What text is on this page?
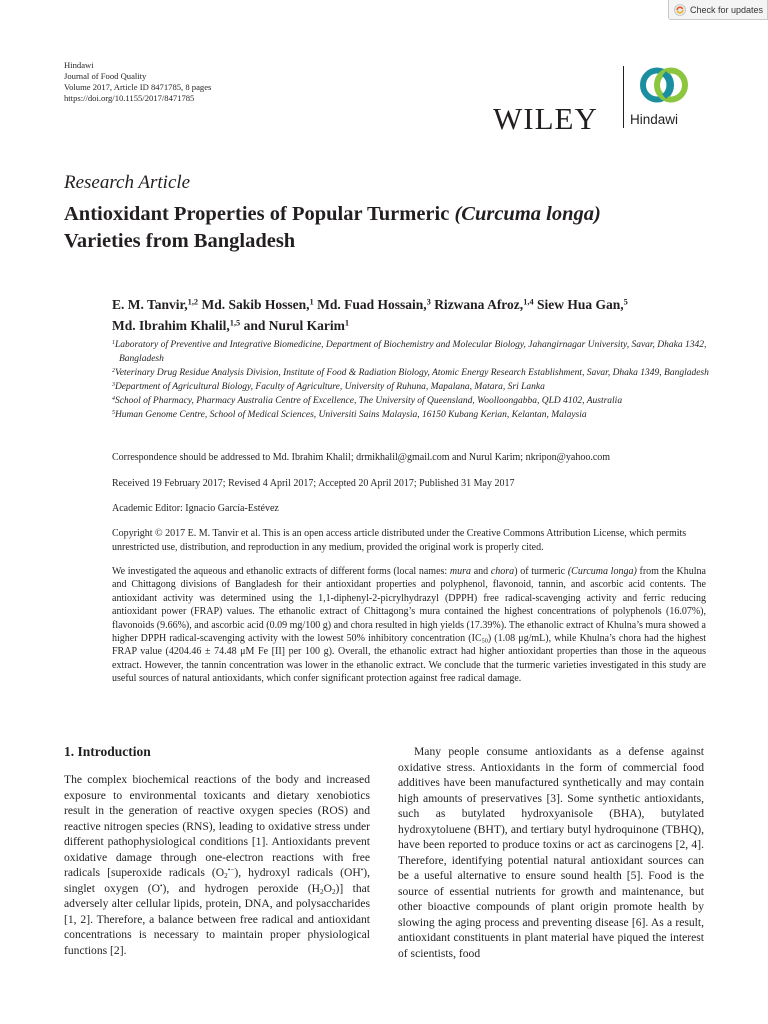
Check for updates
Hindawi
Journal of Food Quality
Volume 2017, Article ID 8471785, 8 pages
https://doi.org/10.1155/2017/8471785
WILEY Hindawi
Research Article
Antioxidant Properties of Popular Turmeric (Curcuma longa)
Varieties from Bangladesh
E. M. Tanvir,$^{1,2}$ Md. Sakib Hossen,$^1$ Md. Fuad Hossain,$^3$ Rizwana Afroz,$^{1,4}$ Siew Hua Gan,$^5$
Md. Ibrahim Khalil,$^{1,5}$ and Nurul Karim$^1$
$^1$Laboratory of Preventive and Integrative Biomedicine, Department of Biochemistry and Molecular Biology, Jahangirnagar University, Savar, Dhaka 1342, Bangladesh
$^2$Veterinary Drug Residue Analysis Division, Institute of Food & Radiation Biology, Atomic Energy Research Establishment, Savar, Dhaka 1349, Bangladesh
$^3$Department of Agricultural Biology, Faculty of Agriculture, University of Ruhuna, Mapalana, Matara, Sri Lanka
$^4$School of Pharmacy, Pharmacy Australia Centre of Excellence, The University of Queensland, Woolloongabba, QLD 4102, Australia
$^5$Human Genome Centre, School of Medical Sciences, Universiti Sains Malaysia, 16150 Kubang Kerian, Kelantan, Malaysia
Correspondence should be addressed to Md. Ibrahim Khalil; drmikhalil@gmail.com and Nurul Karim; nkripon@yahoo.com
Received 19 February 2017; Revised 4 April 2017; Accepted 20 April 2017; Published 31 May 2017
Academic Editor: Ignacio García-Estévez
Copyright © 2017 E. M. Tanvir et al. This is an open access article distributed under the Creative Commons Attribution License, which permits unrestricted use, distribution, and reproduction in any medium, provided the original work is properly cited.
We investigated the aqueous and ethanolic extracts of different forms (local names: mura and chora) of turmeric (Curcuma longa) from the Khulna and Chittagong divisions of Bangladesh for their antioxidant properties and polyphenol, flavonoid, tannin, and ascorbic acid contents. The antioxidant activity was determined using the 1,1-diphenyl-2-picrylhydrazyl (DPPH) free radical-scavenging activity and ferric reducing antioxidant power (FRAP) values. The ethanolic extract of Chittagong’s mura contained the highest concentrations of polyphenols (16.07%), flavonoids (9.66%), and ascorbic acid (0.09 mg/100 g) and chora resulted in high yields (17.39%). The ethanolic extract of Khulna’s mura showed a higher DPPH radical-scavenging activity with the lowest 50% inhibitory concentration $(IC_{50})$ (1.08 μg/mL), while Khulna’s chora had the highest FRAP value (4204.46 ± 74.48 μM Fe [II] per 100 g). Overall, the ethanolic extract had higher antioxidant properties than those in the aqueous extract. However, the tannin concentration was lower in the ethanolic extract. We conclude that the turmeric varieties investigated in this study are useful sources of natural antioxidants, which confer significant protection against free radical damage.
1. Introduction
The complex biochemical reactions of the body and increased exposure to environmental toxicants and dietary xenobiotics result in the generation of reactive oxygen species (ROS) and reactive nitrogen species (RNS), leading to oxidative stress under different pathophysiological conditions [1]. Antioxidants prevent oxidative damage through one-electron reactions with free radicals [superoxide radicals $(O_2^{•-})$, hydroxyl radicals (OH•), singlet oxygen (O•), and hydrogen peroxide $(H_2O_2)$] that adversely alter cellular lipids, protein, DNA, and polysaccharides [1, 2]. Therefore, a balance between free radical and antioxidant concentrations is necessary to maintain proper physiological functions [2].
Many people consume antioxidants as a defense against oxidative stress. Antioxidants in the form of commercial food additives have been manufactured synthetically and may contain high amounts of preservatives [3]. Some synthetic antioxidants, such as butylated hydroxyanisole (BHA), butylated hydroxytoluene (BHT), and tertiary butyl hydroquinone (TBHQ), have been reported to produce toxins or act as carcinogens [2, 4]. Therefore, identifying potential natural antioxidant sources can be a useful alternative to ensure sound health [5]. Food is the source of essential nutrients for growth and maintenance, but other bioactive compounds of plant origin promote health by slowing the aging process and preventing disease [6]. As a result, antioxidant constituents in plant material have piqued the interest of scientists, food
